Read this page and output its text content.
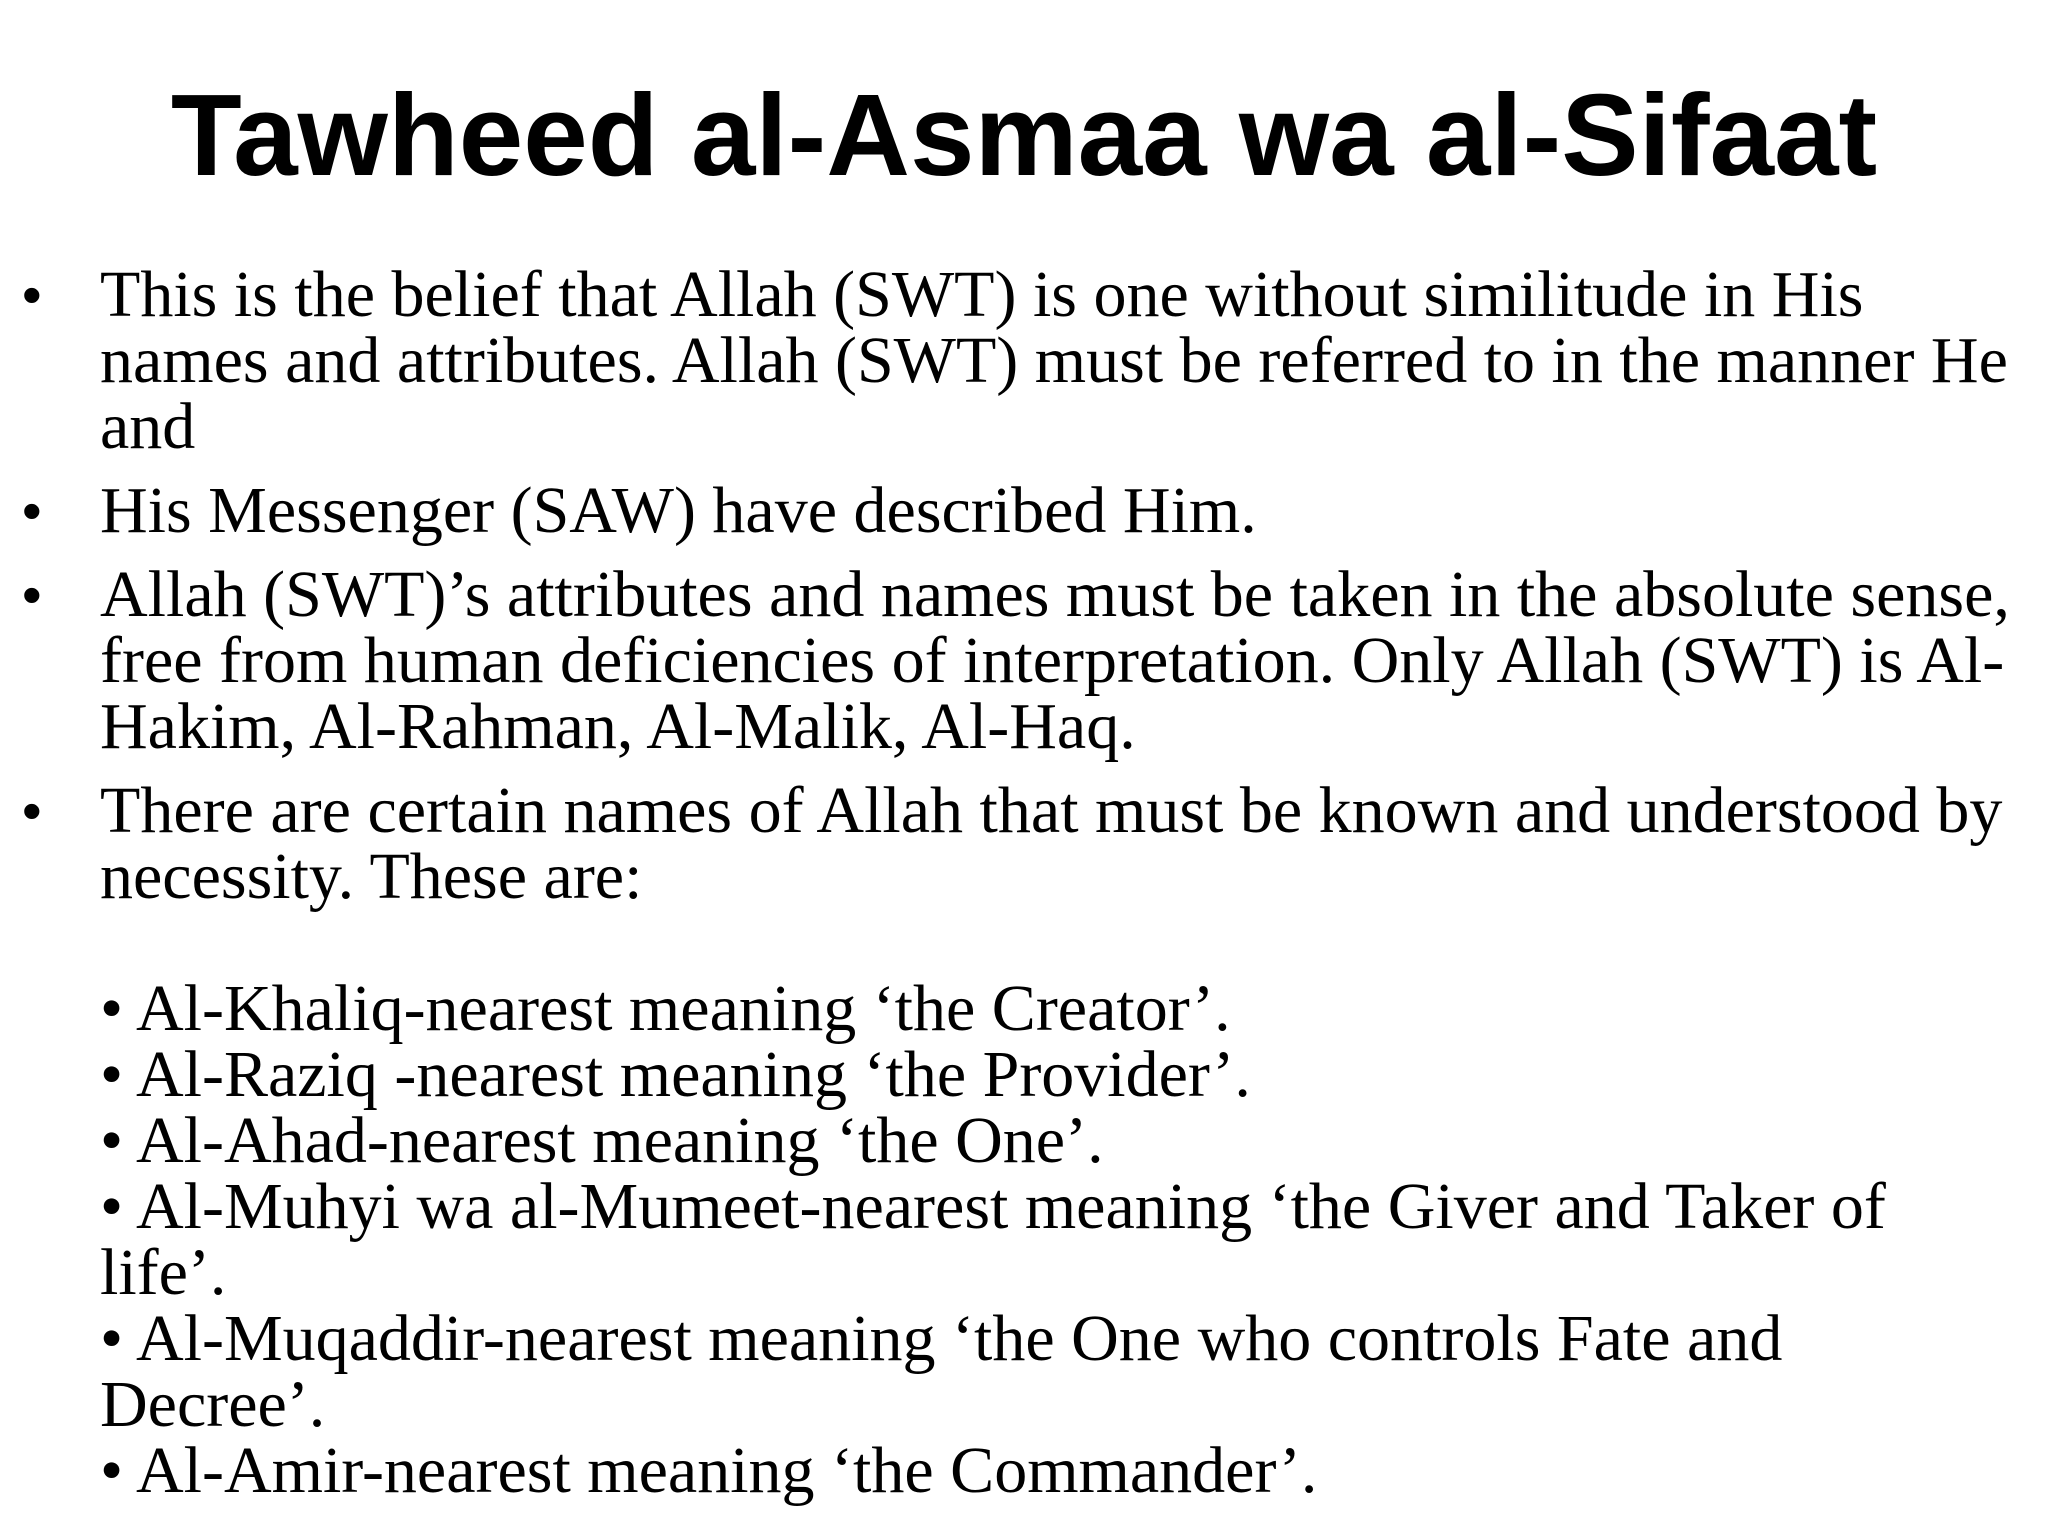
Tawheed al-Asmaa wa al-Sifaat
• This is the belief that Allah (SWT) is one without similitude in His names and attributes. Allah (SWT) must be referred to in the manner He and
• His Messenger (SAW) have described Him.
• Allah (SWT)’s attributes and names must be taken in the absolute sense, free from human deficiencies of interpretation. Only Allah (SWT) is Al-Hakim, Al-Rahman, Al-Malik, Al-Haq.
• There are certain names of Allah that must be known and understood by necessity. These are:
• Al-Khaliq-nearest meaning ‘the Creator’.
• Al-Raziq -nearest meaning ‘the Provider’.
• Al-Ahad-nearest meaning ‘the One’.
• Al-Muhyi wa al-Mumeet-nearest meaning ‘the Giver and Taker of life’.
• Al-Muqaddir-nearest meaning ‘the One who controls Fate and Decree’.
• Al-Amir-nearest meaning ‘the Commander’.
